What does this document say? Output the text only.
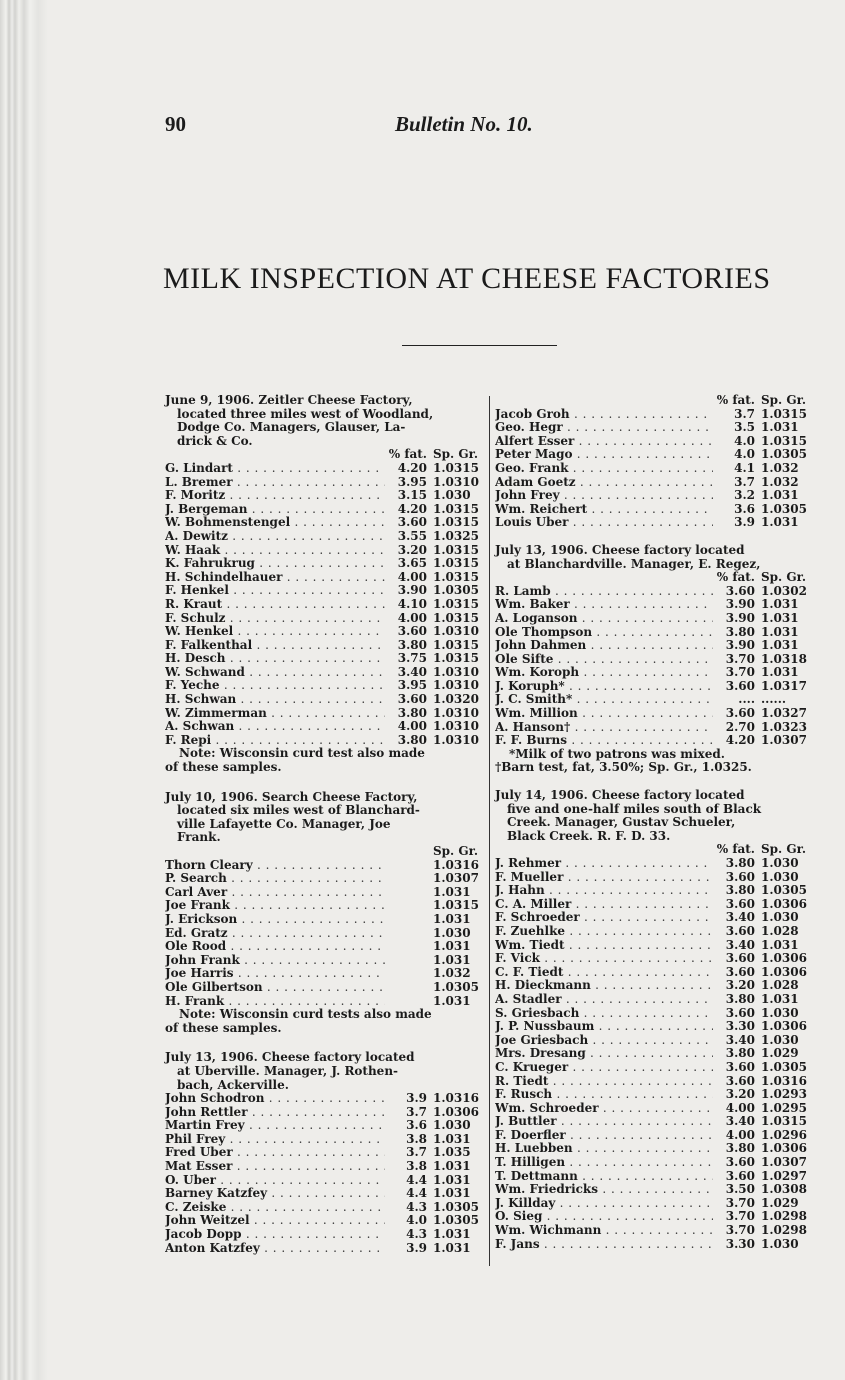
90	Bulletin No. 10.
MILK INSPECTION AT CHEESE FACTORIES
June 9, 1906. Zeitler Cheese Factory,
located three miles west of Woodland,
Dodge Co. Managers, Glauser, La-
drick & Co.
% fat. Sp. Gr.
G. Lindart . . .	4.20 1.0315
L. Bremer . . .	3.95 1.0310
F. Moritz . . .	3.15 1.030
J. Bergeman . . .	4.20 1.0315
W. Bohmenstengel . . .	3.60 1.0315
A. Dewitz . . .	3.55 1.0325
W. Haak . . .	3.20 1.0315
K. Fahrukrug . . .	3.65 1.0315
H. Schindelhauer . . .	4.00 1.0315
F. Henkel . . .	3.90 1.0305
R. Kraut . . .	4.10 1.0315
F. Schulz . . .	4.00 1.0315
W. Henkel . . .	3.60 1.0310
F. Falkenthal . . .	3.80 1.0315
H. Desch . . .	3.75 1.0315
W. Schwand . . .	3.40 1.0310
F. Yeche . . .	3.95 1.0310
H. Schwan . . .	3.60 1.0320
W. Zimmerman . . .	3.80 1.0310
A. Schwan . . .	4.00 1.0310
F. Repi . . .	3.80 1.0310
Note: Wisconsin curd test also made
of these samples.
July 10, 1906. Search Cheese Factory,
located six miles west of Blanchard-
ville Lafayette Co. Manager, Joe
Frank.
Sp. Gr.
Thorn Cleary . . .	1.0316
P. Search . . .	1.0307
Carl Aver . . .	1.031
Joe Frank . . .	1.0315
J. Erickson . . .	1.031
Ed. Gratz . . .	1.030
Ole Rood . . .	1.031
John Frank . . .	1.031
Joe Harris . . .	1.032
Ole Gilbertson . . .	1.0305
H. Frank . . .	1.031
Note: Wisconsin curd tests also made
of these samples.
July 13, 1906. Cheese factory located
at Uberville. Manager, J. Rothen-
bach, Ackerville.
John Schodron . . .	3.9 1.0316
John Rettler . . .	3.7 1.0306
Martin Frey . . .	3.6 1.030
Phil Frey . . .	3.8 1.031
Fred Uber . . .	3.7 1.035
Mat Esser . . .	3.8 1.031
O. Uber . . .	4.4 1.031
Barney Katzfey . . .	4.4 1.031
C. Zeiske . . .	4.3 1.0305
John Weitzel . . .	4.0 1.0305
Jacob Dopp . . .	4.3 1.031
Anton Katzfey . . .	3.9 1.031
% fat. Sp. Gr.
Jacob Groh . . .	3.7 1.0315
Geo. Hegr . . .	3.5 1.031
Alfert Esser . . .	4.0 1.0315
Peter Mago . . .	4.0 1.0305
Geo. Frank . . .	4.1 1.032
Adam Goetz . . .	3.7 1.032
John Frey . . .	3.2 1.031
Wm. Reichert . . .	3.6 1.0305
Louis Uber . . .	3.9 1.031
July 13, 1906. Cheese factory located
at Blanchardville. Manager, E. Regez,
% fat. Sp. Gr.
R. Lamb . . .	3.60 1.0302
Wm. Baker . . .	3.90 1.031
A. Loganson . . .	3.90 1.031
Ole Thompson . . .	3.80 1.031
John Dahmen . . .	3.90 1.031
Ole Sifte . . .	3.70 1.0318
Wm. Koroph . . .	3.70 1.031
J. Koruph* . . .	3.60 1.0317
J. C. Smith* . . .	.... ......
Wm. Million . . .	3.60 1.0327
A. Hanson† . . .	2.70 1.0323
F. F. Burns . . .	4.20 1.0307
*Milk of two patrons was mixed.
†Barn test, fat, 3.50%; Sp. Gr., 1.0325.
July 14, 1906. Cheese factory located
five and one-half miles south of Black
Creek. Manager, Gustav Schueler,
Black Creek. R. F. D. 33.
% fat. Sp. Gr.
J. Rehmer . . .	3.80 1.030
F. Mueller . . .	3.60 1.030
J. Hahn . . .	3.80 1.0305
C. A. Miller . . .	3.60 1.0306
F. Schroeder . . .	3.40 1.030
F. Zuehlke . . .	3.60 1.028
Wm. Tiedt . . .	3.40 1.031
F. Vick . . .	3.60 1.0306
C. F. Tiedt . . .	3.60 1.0306
H. Dieckmann . . .	3.20 1.028
A. Stadler . . .	3.80 1.031
S. Griesbach . . .	3.60 1.030
J. P. Nussbaum . . .	3.30 1.0306
Joe Griesbach . . .	3.40 1.030
Mrs. Dresang . . .	3.80 1.029
C. Krueger . . .	3.60 1.0305
R. Tiedt . . .	3.60 1.0316
F. Rusch . . .	3.20 1.0293
Wm. Schroeder . . .	4.00 1.0295
J. Buttler . . .	3.40 1.0315
F. Doerfler . . .	4.00 1.0296
H. Luebben . . .	3.80 1.0306
T. Hilligen . . .	3.60 1.0307
T. Dettmann . . .	3.60 1.0297
Wm. Friedricks . . .	3.50 1.0308
J. Killday . . .	3.70 1.029
O. Sieg . . .	3.70 1.0298
Wm. Wichmann . . .	3.70 1.0298
F. Jans . . .	3.30 1.030
